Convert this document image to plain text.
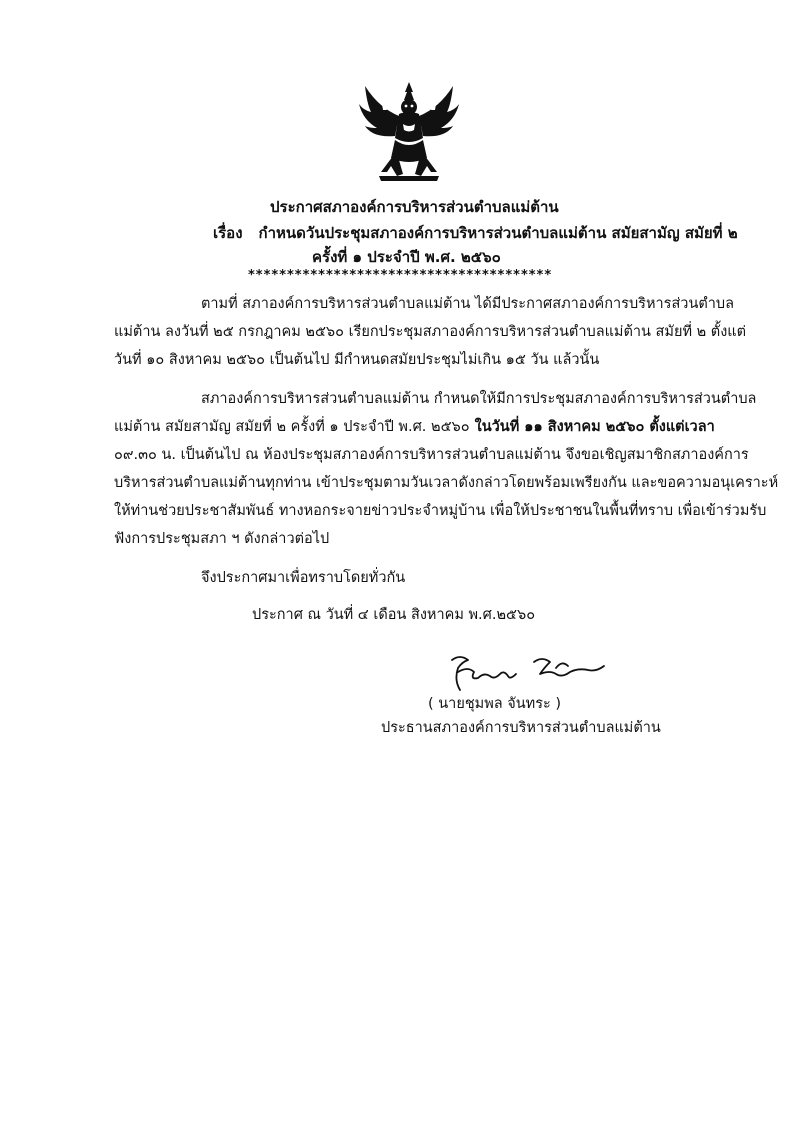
ประกาศสภาองค์การบริหารส่วนตำบลแม่ต้าน
เรื่อง กำหนดวันประชุมสภาองค์การบริหารส่วนตำบลแม่ต้าน สมัยสามัญ สมัยที่ ๒
ครั้งที่ ๑ ประจำปี พ.ศ. ๒๕๖๐
***************************************
ตามที่ สภาองค์การบริหารส่วนตำบลแม่ต้าน ได้มีประกาศสภาองค์การบริหารส่วนตำบล
แม่ต้าน ลงวันที่ ๒๕ กรกฎาคม ๒๕๖๐ เรียกประชุมสภาองค์การบริหารส่วนตำบลแม่ต้าน สมัยที่ ๒ ตั้งแต่
วันที่ ๑๐ สิงหาคม ๒๕๖๐ เป็นต้นไป มีกำหนดสมัยประชุมไม่เกิน ๑๕ วัน แล้วนั้น
สภาองค์การบริหารส่วนตำบลแม่ต้าน กำหนดให้มีการประชุมสภาองค์การบริหารส่วนตำบล
แม่ต้าน สมัยสามัญ สมัยที่ ๒ ครั้งที่ ๑ ประจำปี พ.ศ. ๒๕๖๐ ในวันที่ ๑๑ สิงหาคม ๒๕๖๐ ตั้งแต่เวลา
๐๙.๓๐ น. เป็นต้นไป ณ ห้องประชุมสภาองค์การบริหารส่วนตำบลแม่ต้าน จึงขอเชิญสมาชิกสภาองค์การ
บริหารส่วนตำบลแม่ต้านทุกท่าน เข้าประชุมตามวันเวลาดังกล่าวโดยพร้อมเพรียงกัน และขอความอนุเคราะห์
ให้ท่านช่วยประชาสัมพันธ์ ทางหอกระจายข่าวประจำหมู่บ้าน เพื่อให้ประชาชนในพื้นที่ทราบ เพื่อเข้าร่วมรับ
ฟังการประชุมสภา ฯ ดังกล่าวต่อไป
จึงประกาศมาเพื่อทราบโดยทั่วกัน
ประกาศ ณ วันที่ ๔ เดือน สิงหาคม พ.ศ.๒๕๖๐
( นายชุมพล จันทระ )
ประธานสภาองค์การบริหารส่วนตำบลแม่ต้าน
